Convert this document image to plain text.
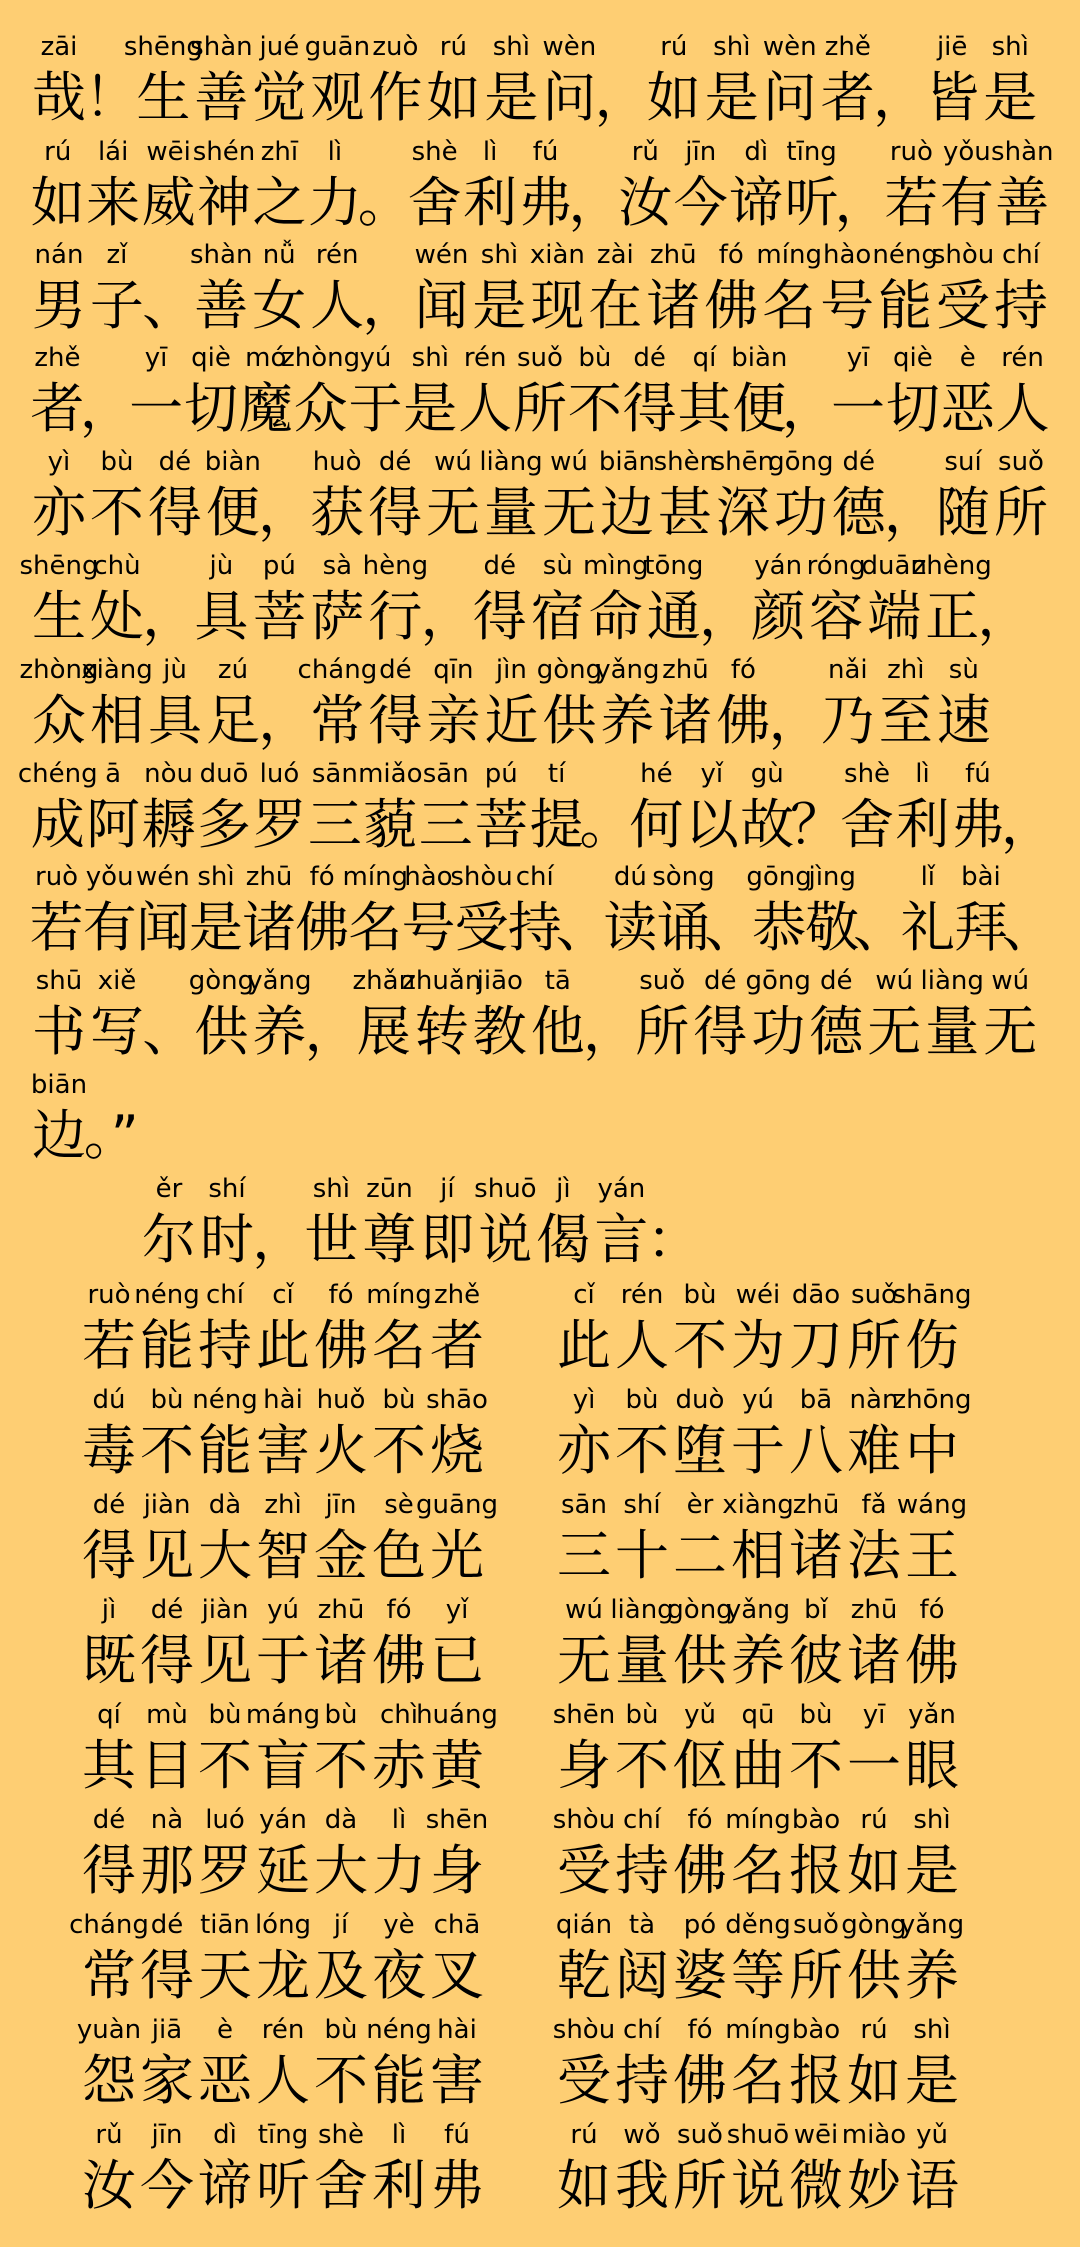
zāi
哉
！
shēng
生
shàn
善
jué
觉
guān
观
zuò
作
rú
如
shì
是
wèn
问
，
rú
如
shì
是
wèn
问
zhě
者
，
jiē
皆
shì
是
rú
如
lái
来
wēi
威
shén
神
zhī
之
lì
力
。
shè
舍
lì
利
fú
弗
，
rǔ
汝
jīn
今
dì
谛
tīng
听
，
ruò
若
yǒu
有
shàn
善
nán
男
zǐ
子
、
shàn
善
nǚ
女
rén
人
，
wén
闻
shì
是
xiàn
现
zài
在
zhū
诸
fó
佛
míng
名
hào
号
néng
能
shòu
受
chí
持
zhě
者
，
yī
一
qiè
切
mó
魔
zhòng
众
yú
于
shì
是
rén
人
suǒ
所
bù
不
dé
得
qí
其
biàn
便
，
yī
一
qiè
切
è
恶
rén
人
yì
亦
bù
不
dé
得
biàn
便
，
huò
获
dé
得
wú
无
liàng
量
wú
无
biān
边
shèn
甚
shēn
深
gōng
功
dé
德
，
suí
随
suǒ
所
shēng
生
chù
处
，
jù
具
pú
菩
sà
萨
hèng
行
，
dé
得
sù
宿
mìng
命
tōng
通
，
yán
颜
róng
容
duān
端
zhèng
正
，
zhòng
众
xiàng
相
jù
具
zú
足
，
cháng
常
dé
得
qīn
亲
jìn
近
gòng
供
yǎng
养
zhū
诸
fó
佛
，
nǎi
乃
zhì
至
sù
速
chéng
成
ā
阿
nòu
耨
duō
多
luó
罗
sān
三
miǎo
藐
sān
三
pú
菩
tí
提
。
hé
何
yǐ
以
gù
故
？
shè
舍
lì
利
fú
弗
，
ruò
若
yǒu
有
wén
闻
shì
是
zhū
诸
fó
佛
míng
名
hào
号
shòu
受
chí
持
、
dú
读
sòng
诵
、
gōng
恭
jìng
敬
、
lǐ
礼
bài
拜
、
shū
书
xiě
写
、
gòng
供
yǎng
养
，
zhǎn
展
zhuǎn
转
jiāo
教
tā
他
，
suǒ
所
dé
得
gōng
功
dé
德
wú
无
liàng
量
wú
无
biān
边
。”
ěr
尔
shí
时
，
shì
世
zūn
尊
jí
即
shuō
说
jì
偈
yán
言
：
ruò
若
néng
能
chí
持
cǐ
此
fó
佛
míng
名
zhě
者
cǐ
此
rén
人
bù
不
wéi
为
dāo
刀
suǒ
所
shāng
伤
dú
毒
bù
不
néng
能
hài
害
huǒ
火
bù
不
shāo
烧
yì
亦
bù
不
duò
堕
yú
于
bā
八
nàn
难
zhōng
中
dé
得
jiàn
见
dà
大
zhì
智
jīn
金
sè
色
guāng
光
sān
三
shí
十
èr
二
xiàng
相
zhū
诸
fǎ
法
wáng
王
jì
既
dé
得
jiàn
见
yú
于
zhū
诸
fó
佛
yǐ
已
wú
无
liàng
量
gòng
供
yǎng
养
bǐ
彼
zhū
诸
fó
佛
qí
其
mù
目
bù
不
máng
盲
bù
不
chì
赤
huáng
黄
shēn
身
bù
不
yǔ
伛
qū
曲
bù
不
yī
一
yǎn
眼
dé
得
nà
那
luó
罗
yán
延
dà
大
lì
力
shēn
身
shòu
受
chí
持
fó
佛
míng
名
bào
报
rú
如
shì
是
cháng
常
dé
得
tiān
天
lóng
龙
jí
及
yè
夜
chā
叉
qián
乾
tà
闼
pó
婆
děng
等
suǒ
所
gòng
供
yǎng
养
yuàn
怨
jiā
家
è
恶
rén
人
bù
不
néng
能
hài
害
shòu
受
chí
持
fó
佛
míng
名
bào
报
rú
如
shì
是
rǔ
汝
jīn
今
dì
谛
tīng
听
shè
舍
lì
利
fú
弗
rú
如
wǒ
我
suǒ
所
shuō
说
wēi
微
miào
妙
yǔ
语
